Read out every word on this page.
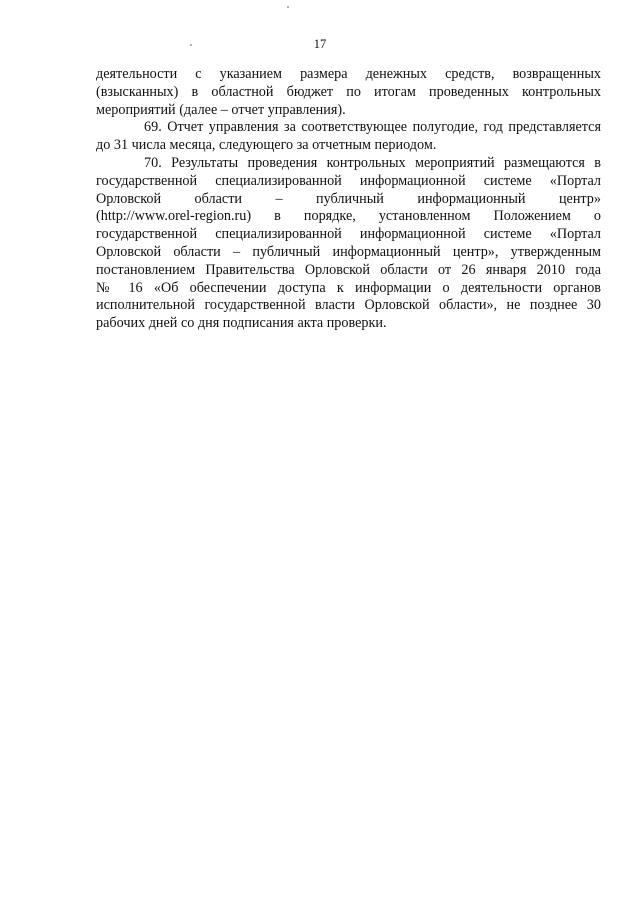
17
деятельности с указанием размера денежных средств, возвращенных
(взысканных) в областной бюджет по итогам проведенных контрольных
мероприятий (далее – отчет управления).
69. Отчет управления за соответствующее полугодие, год представляется
до 31 числа месяца, следующего за отчетным периодом.
70. Результаты проведения контрольных мероприятий размещаются в
государственной специализированной информационной системе «Портал
Орловской области – публичный информационный центр»
(http://www.orel-region.ru) в порядке, установленном Положением о
государственной специализированной информационной системе «Портал
Орловской области – публичный информационный центр», утвержденным
постановлением Правительства Орловской области от 26 января 2010 года
№ 16 «Об обеспечении доступа к информации о деятельности органов
исполнительной государственной власти Орловской области», не позднее 30
рабочих дней со дня подписания акта проверки.
